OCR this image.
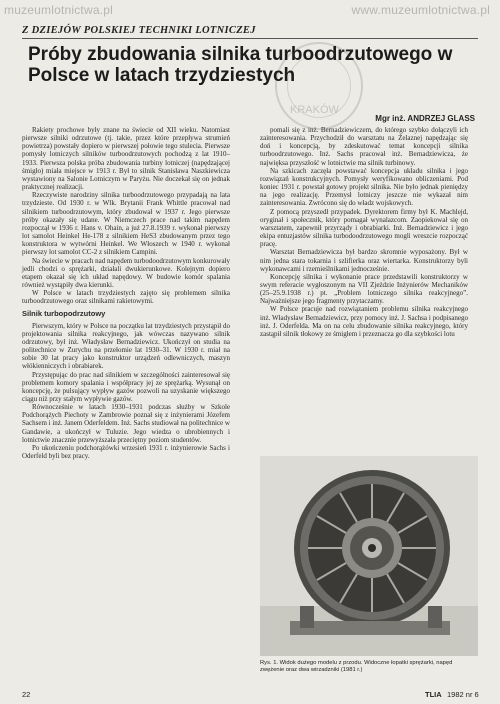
muzeumlotnictwa.pl	www.muzeumlotnictwa.pl
KRAKÓW
Z DZIEJÓW POLSKIEJ TECHNIKI LOTNICZEJ
Próby zbudowania silnika turboodrzutowego w Polsce w latach trzydziestych
Mgr inż. ANDRZEJ GLASS

Rakiety prochowe były znane na świecie od XII wieku. Natomiast pierwsze silniki odrzutowe (tj. takie, przez które przepływa strumień powietrza) powstały dopiero w pierwszej połowie tego stulecia. Pierwsze pomysły lotniczych silników turboodrzutowych pochodzą z lat 1910–1933. Pierwsza polska próba zbudowania turbiny lotniczej (napędzającej śmigło) miała miejsce w 1913 r. Był to silnik Stanisława Naszkiewicza wystawiony na Salonie Lotniczym w Paryżu. Nie doczekał się on jednak praktycznej realizacji.

Rzeczywiste narodziny silnika turboodrzutowego przypadają na lata trzydzieste. Od 1930 r. w Wlk. Brytanii Frank Whittle pracował nad silnikiem turboodrzutowym, który zbudował w 1937 r. Jego pierwsze próby okazały się udane. W Niemczech prace nad takim napędem rozpoczął w 1936 r. Hans v. Ohain, a już 27.8.1939 r. wykonał pierwszy lot samolot Heinkel He-178 z silnikiem HeS3 zbudowanym przez tego konstruktora w wytwórni Heinkel. We Włoszech w 1940 r. wykonał pierwszy lot samolot CC-2 z silnikiem Campini.

Na świecie w pracach nad napędem turbodoodrzutowym konkurowały jedli chodzi o sprężarki, działali dwukierunkowe. Kolejnym dopiero etapem okazał się ich układ napędowy. W budowie komór spalania również wystąpiły dwa kierunki.

W Polsce w latach trzydziestych zajęto się problemem silnika turboodrzutowego oraz silnikami rakietowymi.

Silnik turbopodrzutowy

Pierwszym, który w Polsce na początku lat trzydziestych przystąpił do projektowania silnika reakcyjnego, jak wówczas nazywano silnik odrzutowy, był inż. Władysław Bernadziewicz. Ukończył on studia na politechnice w Zurychu na przełomie lat 1930–31. W 1930 r. miał na sobie 30 lat pracy jako konstruktor urządzeń odlewniczych, maszyn włókienniczych i obrabiarek.

Przystępując do prac nad silnikiem w szczególności zainteresował się problemem komory spalania i współpracy jej ze sprężarką. Wysunął on koncepcję, że pulsujący wypływ gazów pozwoli na uzyskanie większego ciągu niż przy stałym wypływie gazów.

Równocześnie w latach 1930–1931 podczas służby w Szkole Podchorążych Piechoty w Zambrowie poznał się z inżynierami Józefem Sachsem i inż. Janem Oderfeldem. Inż. Sachs studiował na politechnice w Gandawie, a ukończył w Tuluzie. Jego wiedza o ubrobiennych i lotnictwie znacznie przewyższała przeciętny poziom studentów.

Po ukończeniu podchorążówki wrzesień 1931 r. inżynierowie Sachs i Oderfeld byli bez pracy.

pomali się z inż. Bernadziewiczem, do którego szybko dołączyli ich zainteresowania. Przychodził do warsztatu na Żelaznej napędzając się doń i koncepcją, by zdeskutować temat koncepcji silnika turboodrzutowego. Inż. Sachs pracował inż. Bernadziewicza, że najwięksa przyszłość w lotnictwie ma silnik turbinowy.

Na szkicach zaczęła powstawać koncepcja układu silnika i jego rozwiązań konstrukcyjnych. Pomysły weryfikowano obliczeniami. Pod koniec 1931 r. powstał gotowy projekt silnika. Nie było jednak pieniędzy na jego realizację. Przemysł lotniczy jeszcze nie wykazał nim zainteresowania. Zwrócono się do władz wojskowych.

Z pomocą przyszedł przypadek. Dyrektorem firmy był K. Machlejd, oryginał i społecznik, który pomagał wynalazcom. Zaopiekował się on warsztatem, zapewnił przyrządy i obrabiarki. Inż. Bernadziewicz i jego ekipa entuzjastów silnika turbodoodrzutowego mogli wreszcie rozpocząć pracę.

Warsztat Bernadziewicza był bardzo skromnie wyposażony. Był w nim jedna stara tokarnia i szlifierka oraz wiertarka. Konstruktorzy byli wykonawcami i rzemieślnikami jednocześnie.

Koncepcję silnika i wykonanie prace przedstawili konstruktorzy w swym referacie wygłoszonym na VII Zjeździe Inżynierów Mechaników (25–25.9.1938 r.) pt. „Problem lotniczego silnika reakcyjnego”. Najważniejsze jego fragmenty przytaczamy.

W Polsce pracuje nad rozwiązaniem problemu silnika reakcyjnego inż. Władysław Bernadziewicz, przy pomocy inż. J. Sachsa i podpisanego inż. J. Oderfelda. Ma on na celu zbudowanie silnika reakcyjnego, który zastąpił silnik tłokowy ze śmigłem i przeznacza go dla szybkości lotu

Rys. 1. Widok dużego modelu z przodu. Widoczne łopatki sprężarki, napęd zwężenie oraz dwa wirzadzniki (1981 r.)
22	TLIA 1982 nr 6
